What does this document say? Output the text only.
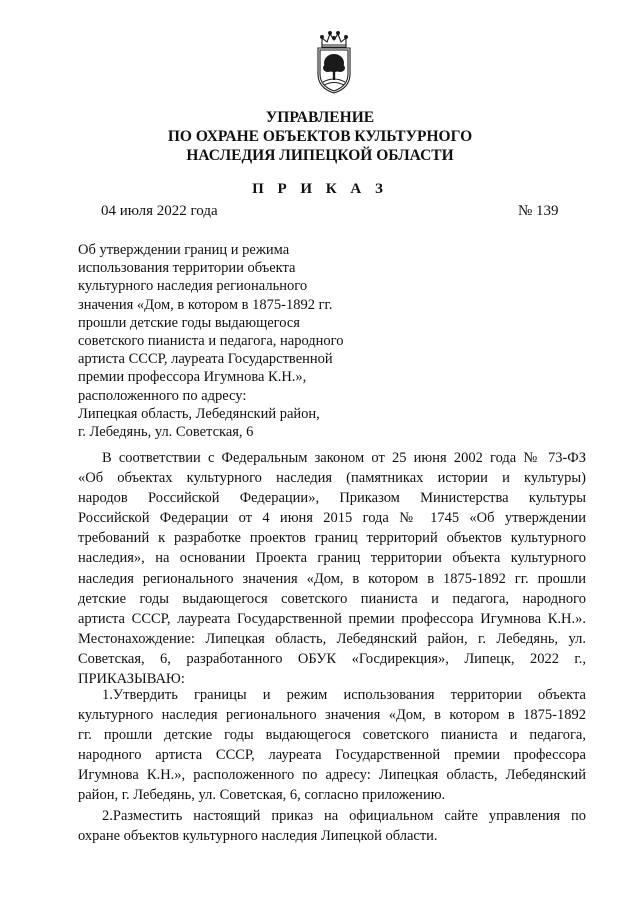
УПРАВЛЕНИЕ
ПО ОХРАНЕ ОБЪЕКТОВ КУЛЬТУРНОГО
НАСЛЕДИЯ ЛИПЕЦКОЙ ОБЛАСТИ
П Р И К А З
04 июля 2022 года	№ 139
Об утверждении границ и режима
использования территории объекта
культурного наследия регионального
значения «Дом, в котором в 1875-1892 гг.
прошли детские годы выдающегося
советского пианиста и педагога, народного
артиста СССР, лауреата Государственной
премии профессора Игумнова К.Н.»,
расположенного по адресу:
Липецкая область, Лебедянский район,
г. Лебедянь, ул. Советская, 6
В соответствии с Федеральным законом от 25 июня 2002 года № 73-ФЗ
«Об объектах культурного наследия (памятниках истории и культуры)
народов Российской Федерации», Приказом Министерства культуры
Российской Федерации от 4 июня 2015 года № 1745 «Об утверждении
требований к разработке проектов границ территорий объектов культурного
наследия», на основании Проекта границ территории объекта культурного
наследия регионального значения «Дом, в котором в 1875-1892 гг. прошли
детские годы выдающегося советского пианиста и педагога, народного
артиста СССР, лауреата Государственной премии профессора Игумнова К.Н.».
Местонахождение: Липецкая область, Лебедянский район, г. Лебедянь, ул.
Советская, 6, разработанного ОБУК «Госдирекция», Липецк, 2022 г.,
ПРИКАЗЫВАЮ:
1.Утвердить границы и режим использования территории объекта
культурного наследия регионального значения «Дом, в котором в 1875-1892
гг. прошли детские годы выдающегося советского пианиста и педагога,
народного артиста СССР, лауреата Государственной премии профессора
Игумнова К.Н.», расположенного по адресу: Липецкая область, Лебедянский
район, г. Лебедянь, ул. Советская, 6, согласно приложению.
2.Разместить настоящий приказ на официальном сайте управления по
охране объектов культурного наследия Липецкой области.
